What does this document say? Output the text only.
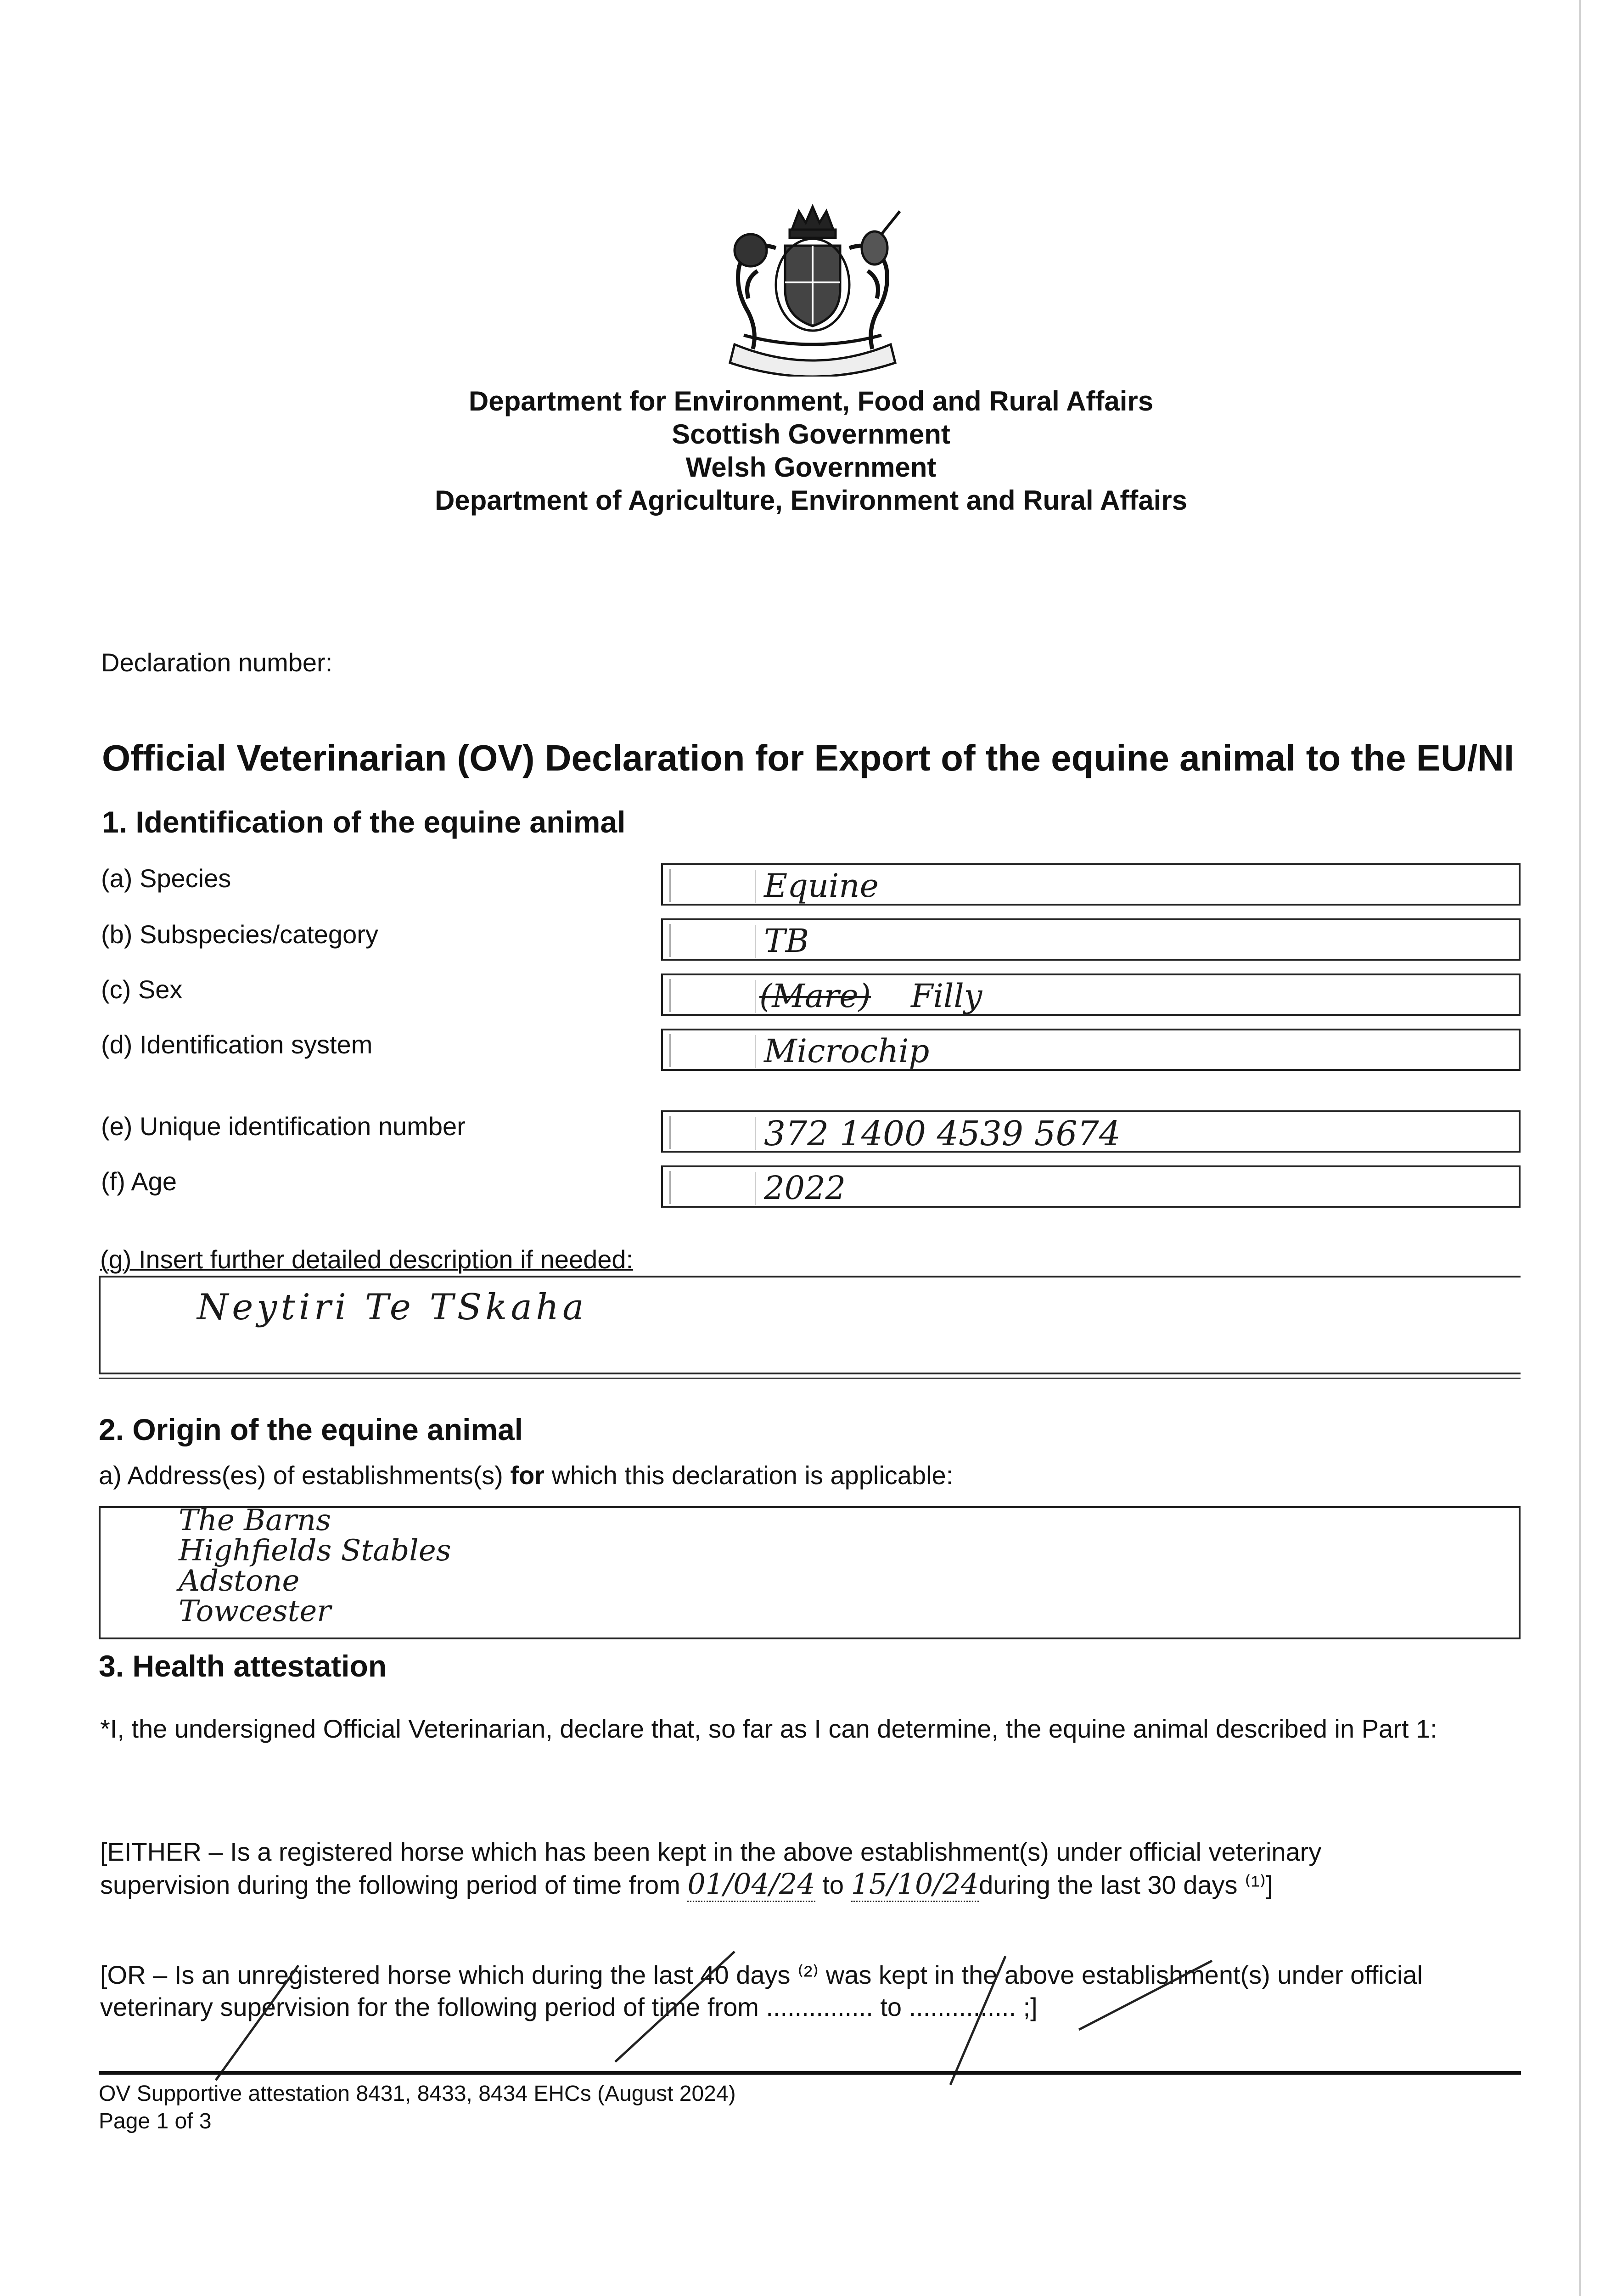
Department for Environment, Food and Rural Affairs
Scottish Government
Welsh Government
Department of Agriculture, Environment and Rural Affairs
Declaration number:
Official Veterinarian (OV) Declaration for Export of the equine animal to the EU/NI
1. Identification of the equine animal
(a) Species	Equine
(b) Subspecies/category	TB
(c) Sex	(Mare) Filly
(d) Identification system	Microchip
(e) Unique identification number	372 1400 4539 5674
(f) Age	2022
(g) Insert further detailed description if needed:
Neytiri Te TSkaha
2. Origin of the equine animal
a) Address(es) of establishments(s) for which this declaration is applicable:
The Barns
Highfields Stables
Adstone
Towcester
3. Health attestation
*I, the undersigned Official Veterinarian, declare that, so far as I can determine, the equine animal described in Part 1:
[EITHER – Is a registered horse which has been kept in the above establishment(s) under official veterinary
supervision during the following period of time from 01/04/24 to 15/10/24during the last 30 days ⁽¹⁾]
[OR – Is an unregistered horse which during the last 40 days ⁽²⁾ was kept in the above establishment(s) under official
veterinary supervision for the following period of time from ............... to ............... ;]
OV Supportive attestation 8431, 8433, 8434 EHCs (August 2024)
Page 1 of 3
